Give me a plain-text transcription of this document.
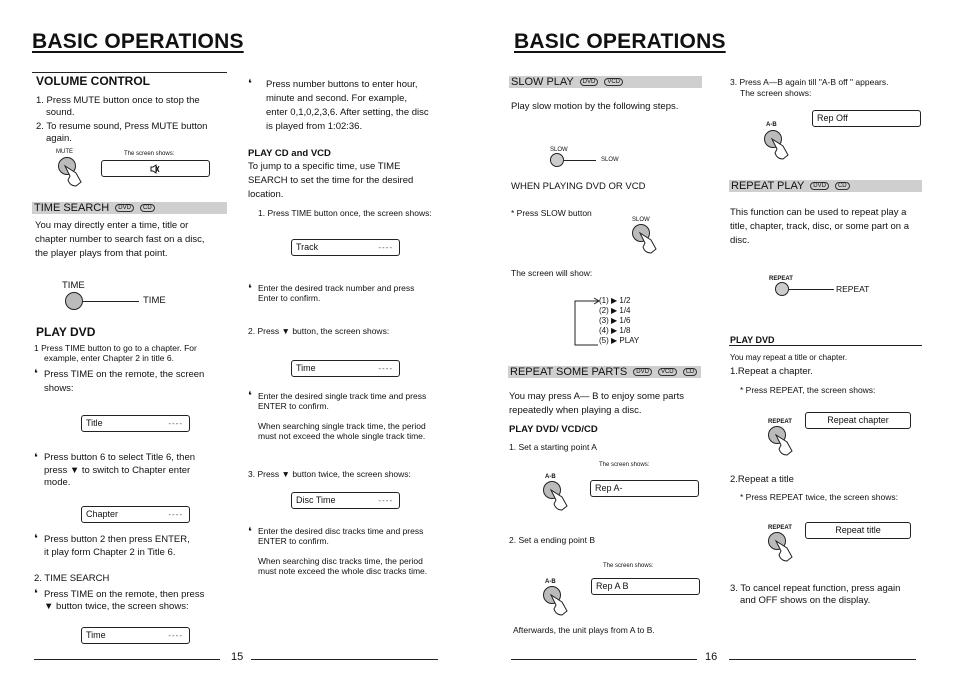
BASIC OPERATIONS
VOLUME CONTROL
1. Press MUTE button once to stop the
sound.
2. To resume sound, Press MUTE button
again.
MUTE	The screen shows:
TIME SEARCH DVD CD
You may directly enter a time, title or
chapter number to search fast on a disc,
the player plays from that point.
TIME
TIME
PLAY DVD
1 Press TIME button to go to a chapter. For
example, enter Chapter 2 in title 6.
❛ Press TIME on the remote, the screen
shows:
Title	----
❛ Press button 6 to select Title 6, then
press ▼ to switch to Chapter enter
mode.
Chapter	----
❛ Press button 2 then press ENTER,
it play form Chapter 2 in Title 6.
2. TIME SEARCH
❛ Press TIME on the remote, then press
▼ button twice, the screen shows:
Time	----
❛ Press number buttons to enter hour,
minute and second. For example,
enter 0,1,0,2,3,6. After setting, the disc
is played from 1:02:36.
PLAY CD and VCD
To jump to a specific time, use TIME
SEARCH to set the time for the desired
location.
1. Press TIME button once, the screen shows:
Track	----
❛ Enter the desired track number and press
Enter to confirm.
2. Press ▼ button, the screen shows:
Time	----
❛ Enter the desired single track time and press
ENTER to confirm.
When searching single track time, the period
must not exceed the whole single track time.
3. Press ▼ button twice, the screen shows:
Disc Time	----
❛ Enter the desired disc tracks time and press
ENTER to confirm.
When searching disc tracks time, the period
must note exceed the whole disc tracks time.
15
BASIC OPERATIONS
SLOW PLAY DVD VCD
Play slow motion by the following steps.
SLOW
SLOW
WHEN PLAYING DVD OR VCD
* Press SLOW button
SLOW
The screen will show:
(1) ▶ 1/2
(2) ▶ 1/4
(3) ▶ 1/6
(4) ▶ 1/8
(5) ▶ PLAY
REPEAT SOME PARTS DVD VCD CD
You may press A— B to enjoy some parts
repeatedly when playing a disc.
PLAY DVD/ VCD/CD
1. Set a starting point A
The screen shows:
A-B
Rep A-
2. Set a ending point B
The screen shows:
A-B	Rep A B
Afterwards, the unit plays from A to B.
3. Press A—B again till "A-B off " appears.
The screen shows:
A-B
Rep Off
REPEAT PLAY DVD CD
This function can be used to repeat play a
title, chapter, track, disc, or some part on a
disc.
REPEAT
REPEAT
PLAY DVD
You may repeat a title or chapter.
1.Repeat a chapter.
* Press REPEAT, the screen shows:
REPEAT	Repeat chapter
2.Repeat a title
* Press REPEAT twice, the screen shows:
REPEAT	Repeat title
3. To cancel repeat function, press again
and OFF shows on the display.
16
